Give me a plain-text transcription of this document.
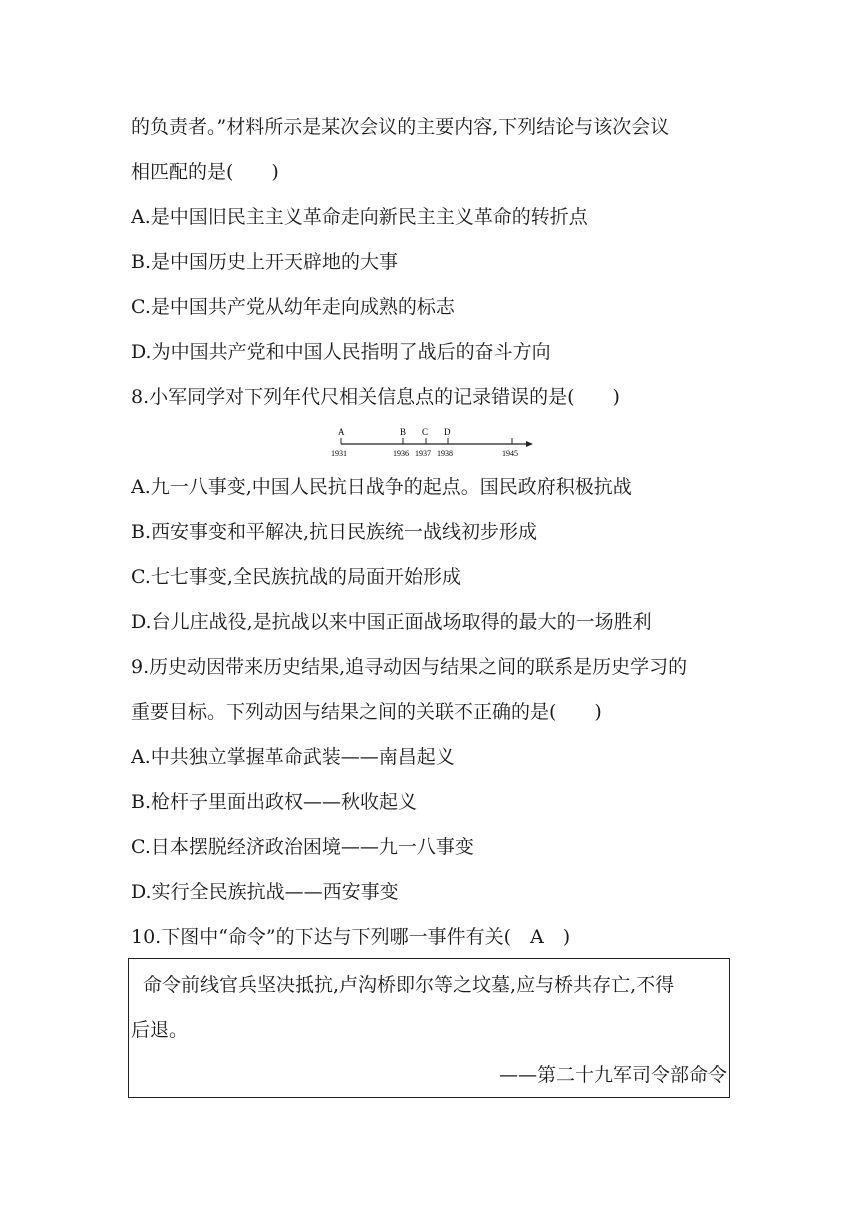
的负责者。”材料所示是某次会议的主要内容,下列结论与该次会议
相匹配的是(　　)
A.是中国旧民主主义革命走向新民主主义革命的转折点
B.是中国历史上开天辟地的大事
C.是中国共产党从幼年走向成熟的标志
D.为中国共产党和中国人民指明了战后的奋斗方向
8.小军同学对下列年代尺相关信息点的记录错误的是(　　)
A	B C D
1931	1936 1937 1938	1945
A.九一八事变,中国人民抗日战争的起点。国民政府积极抗战
B.西安事变和平解决,抗日民族统一战线初步形成
C.七七事变,全民族抗战的局面开始形成
D.台儿庄战役,是抗战以来中国正面战场取得的最大的一场胜利
9.历史动因带来历史结果,追寻动因与结果之间的联系是历史学习的
重要目标。下列动因与结果之间的关联不正确的是(　　)
A.中共独立掌握革命武装——南昌起义
B.枪杆子里面出政权——秋收起义
C.日本摆脱经济政治困境——九一八事变
D.实行全民族抗战——西安事变
10.下图中“命令”的下达与下列哪一事件有关(　A　)
命令前线官兵坚决抵抗,卢沟桥即尔等之坟墓,应与桥共存亡,不得
后退。
——第二十九军司令部命令
